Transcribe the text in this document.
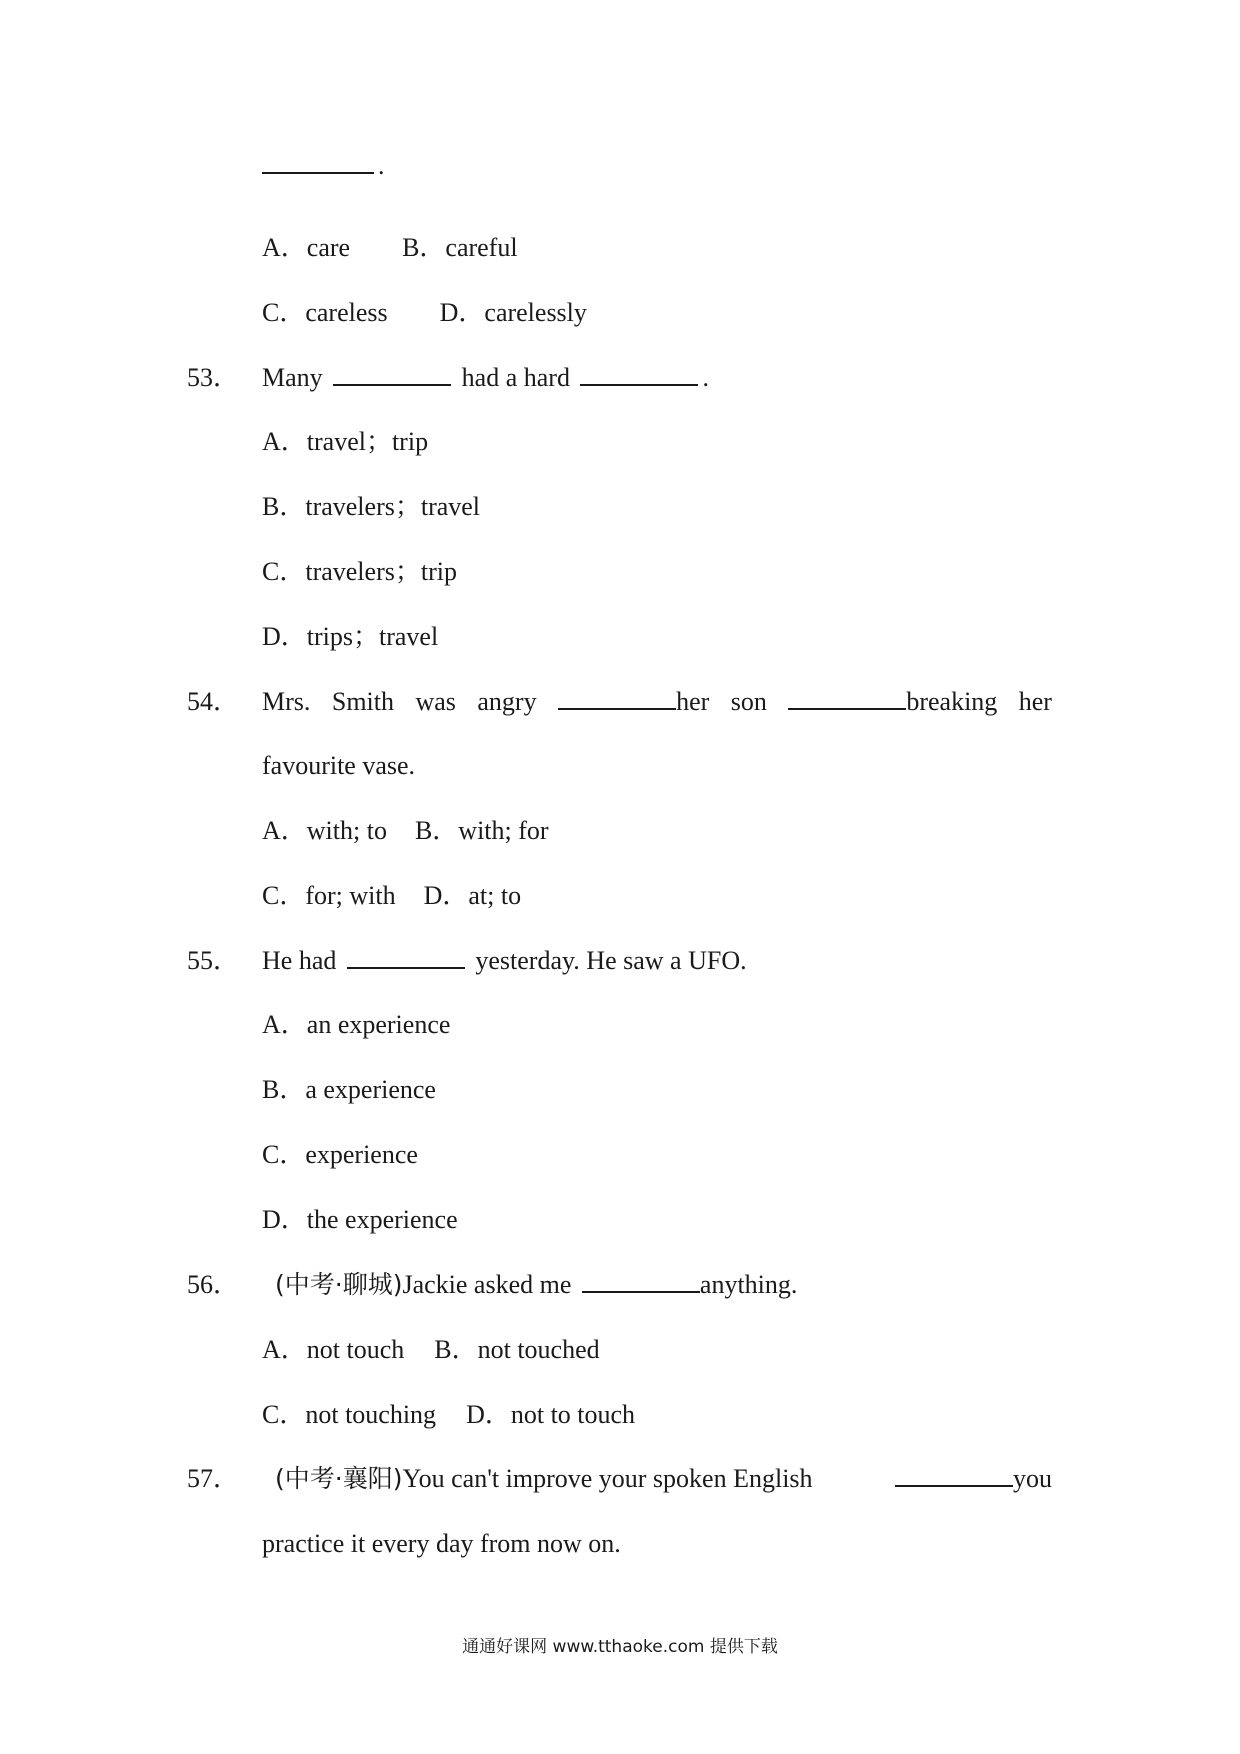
.
A．care B．careful
C．careless D．carelessly
53． Many	had a hard	.
A．travel；trip
B．travelers；travel
C．travelers；trip
D．trips；travel
54． Mrs. Smith was angry	her son	breaking her
favourite vase.
A．with; to B．with; for
C．for; with D．at; to
55． He had	yesterday. He saw a UFO.
A．an experience
B．a experience
C．experience
D．the experience
56． (中考·聊城)Jackie asked me	anything.
A．not touch B．not touched
C．not touching D．not to touch
57． (中考·襄阳)You can't improve your spoken English	you
practice it every day from now on.
通通好课网 www.tthaoke.com 提供下载
